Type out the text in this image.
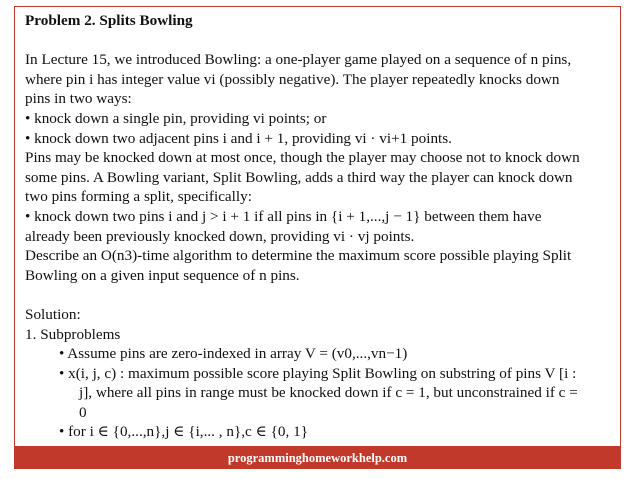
Problem 2. Splits Bowling
In Lecture 15, we introduced Bowling: a one-player game played on a sequence of n pins,
where pin i has integer value vi (possibly negative). The player repeatedly knocks down
pins in two ways:
• knock down a single pin, providing vi points; or
• knock down two adjacent pins i and i + 1, providing vi · vi+1 points.
Pins may be knocked down at most once, though the player may choose not to knock down
some pins. A Bowling variant, Split Bowling, adds a third way the player can knock down
two pins forming a split, specifically:
• knock down two pins i and j > i + 1 if all pins in {i + 1,...,j − 1} between them have
already been previously knocked down, providing vi · vj points.
Describe an O(n3)-time algorithm to determine the maximum score possible playing Split
Bowling on a given input sequence of n pins.
Solution:
1. Subproblems
• Assume pins are zero-indexed in array V = (v0,...,vn−1)
• x(i, j, c) : maximum possible score playing Split Bowling on substring of pins V [i :
j], where all pins in range must be knocked down if c = 1, but unconstrained if c =
0
• for i ∈ {0,...,n},j ∈ {i,... , n},c ∈ {0, 1}
programminghomeworkhelp.com
